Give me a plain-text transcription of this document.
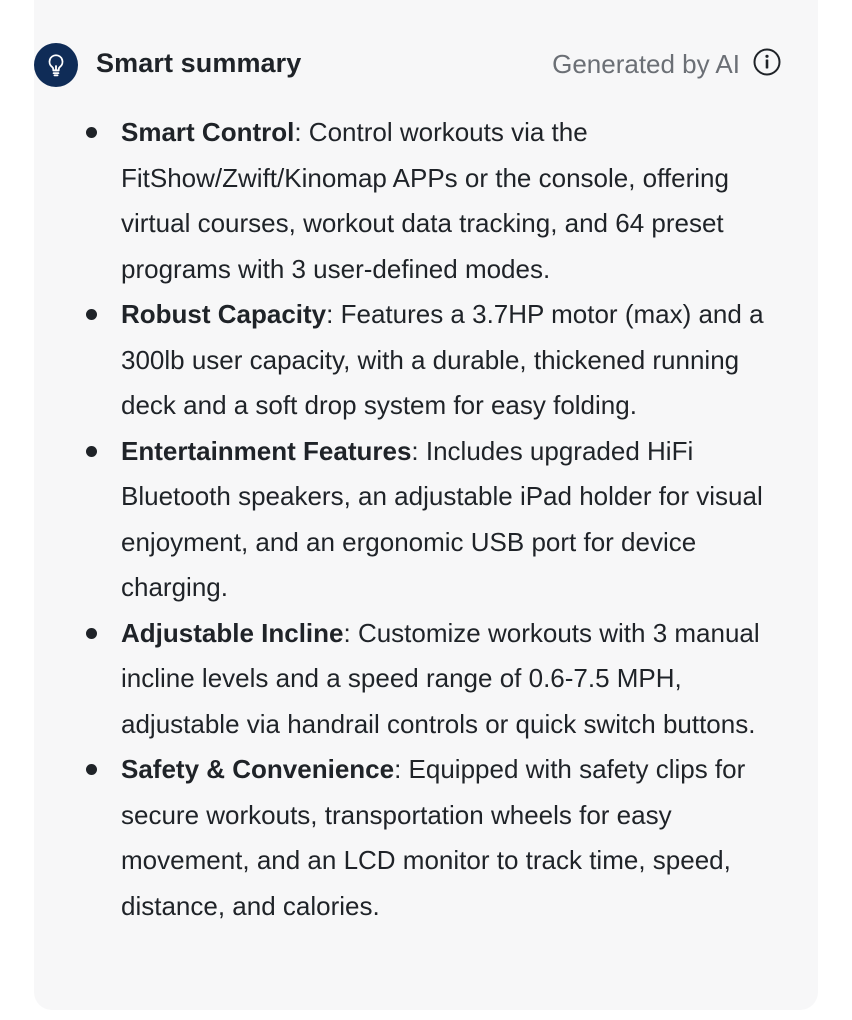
Smart summary	Generated by AI
Smart Control: Control workouts via the FitShow/Zwift/Kinomap APPs or the console, offering virtual courses, workout data tracking, and 64 preset programs with 3 user-defined modes.
Robust Capacity: Features a 3.7HP motor (max) and a 300lb user capacity, with a durable, thickened running deck and a soft drop system for easy folding.
Entertainment Features: Includes upgraded HiFi Bluetooth speakers, an adjustable iPad holder for visual enjoyment, and an ergonomic USB port for device charging.
Adjustable Incline: Customize workouts with 3 manual incline levels and a speed range of 0.6-7.5 MPH, adjustable via handrail controls or quick switch buttons.
Safety & Convenience: Equipped with safety clips for secure workouts, transportation wheels for easy movement, and an LCD monitor to track time, speed, distance, and calories.
